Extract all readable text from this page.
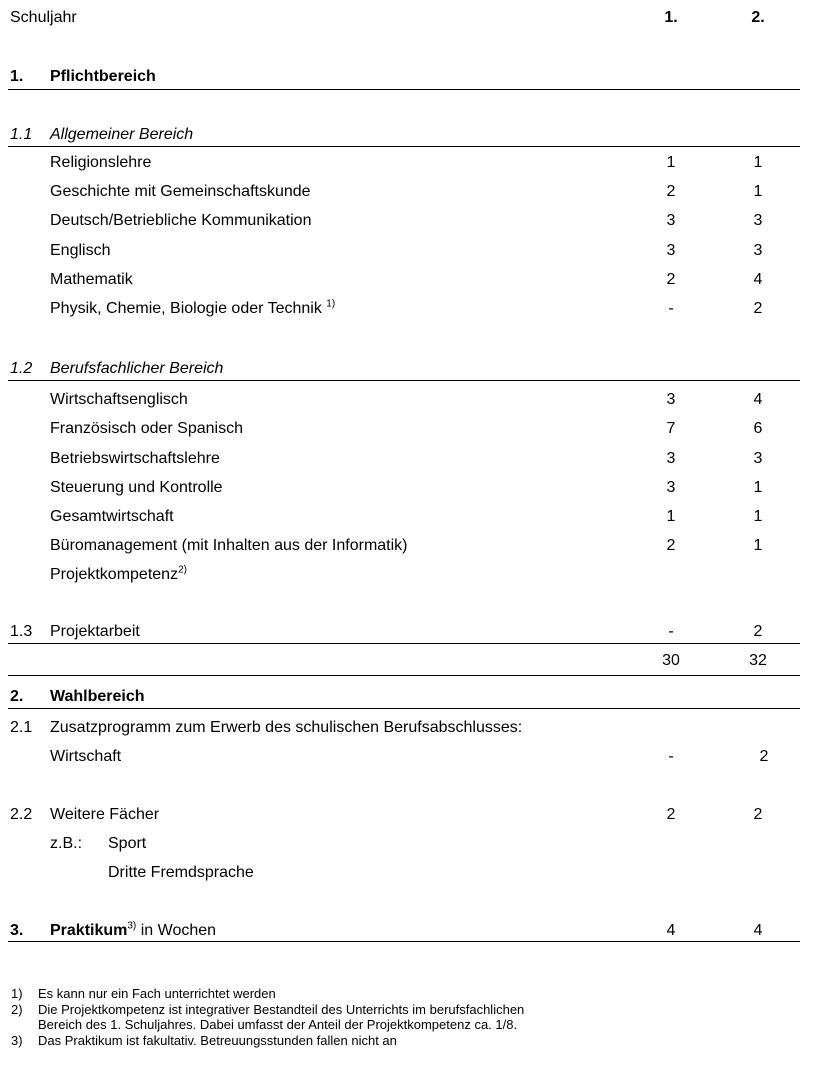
Schuljahr	1.	2.
1. Pflichtbereich
1.1 Allgemeiner Bereich
Religionslehre	1	1
Geschichte mit Gemeinschaftskunde	2	1
Deutsch/Betriebliche Kommunikation	3	3
Englisch	3	3
Mathematik	2	4
Physik, Chemie, Biologie oder Technik $^{1)}$	-	2
1.2 Berufsfachlicher Bereich
Wirtschaftsenglisch	3	4
Französisch oder Spanisch	7	6
Betriebswirtschaftslehre	3	3
Steuerung und Kontrolle	3	1
Gesamtwirtschaft	1	1
Büromanagement (mit Inhalten aus der Informatik)	2	1
Projektkompetenz$^{2)}$
1.3 Projektarbeit	-	2
30	32
2. Wahlbereich
2.1 Zusatzprogramm zum Erwerb des schulischen Berufsabschlusses:
Wirtschaft	-	2
2.2 Weitere Fächer	2	2
z.B.: Sport
Dritte Fremdsprache
3. Praktikum$^{3)}$ in Wochen	4	4
1) Es kann nur ein Fach unterrichtet werden
2) Die Projektkompetenz ist integrativer Bestandteil des Unterrichts im berufsfachlichen
Bereich des 1. Schuljahres. Dabei umfasst der Anteil der Projektkompetenz ca. 1/8.
3) Das Praktikum ist fakultativ. Betreuungsstunden fallen nicht an
